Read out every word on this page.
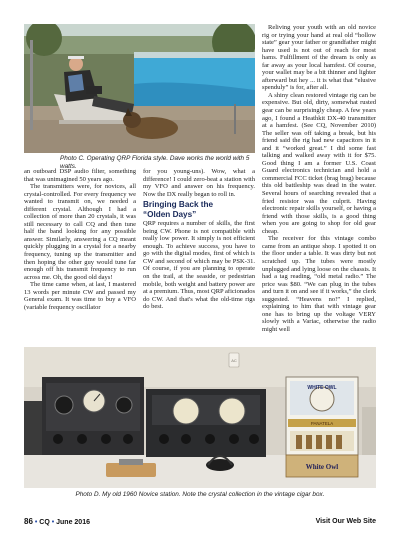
Photo C. Operating QRP Florida style. Dave works the world with 5 watts.

an outboard DSP audio filter, something that was unimagined 50 years ago.

The transmitters were, for novices, all crystal-controlled. For every frequency we wanted to transmit on, we needed a different crystal. Although I had a collection of more than 20 crystals, it was still necessary to call CQ and then tune half the band looking for any possible answer. Similarly, answering a CQ meant quickly plugging in a crystal for a nearby frequency, tuning up the transmitter and then hoping the other guy would tune far enough off his transmit frequency to run across me. Oh, the good old days!

The time came when, at last, I mastered 13 words per minute CW and passed my General exam. It was time to buy a VFO (variable frequency oscillator

for you young-uns). Wow, what a difference! I could zero-beat a station with my VFO and answer on his frequency. Now the DX really began to roll in.

Bringing Back the
“Olden Days”

QRP requires a number of skills, the first being CW. Phone is not compatible with really low power. It simply is not efficient enough. To achieve success, you have to go with the digital modes, first of which is CW and second of which may be PSK-31. Of course, if you are planning to operate on the trail, at the seaside, or pedestrian mobile, both weight and battery power are at a premium. Thus, most QRP aficionados do CW. And that's what the old-time rigs do best.

Reliving your youth with an old novice rig or trying your hand at real old “hollow state” gear your father or grandfather might have used is not out of reach for most hams. Fulfillment of the dream is only as far away as your local hamfest. Of course, your wallet may be a bit thinner and lighter afterward but hey ... it is what that “elusive spenduly” is for, after all.

A shiny clean restored vintage rig can be expensive. But old, dirty, somewhat rusted gear can be surprisingly cheap. A few years ago, I found a Heathkit DX-40 transmitter at a hamfest. (See CQ, November 2010) The seller was off taking a break, but his friend said the rig had new capacitors in it and it “worked great.” I did some fast talking and walked away with it for $75. Good thing I am a former U.S. Coast Guard electronics technician and hold a commercial FCC ticket (brag brag) because this old battleship was dead in the water. Several hours of searching revealed that a fried resistor was the culprit. Having electronic repair skills yourself, or having a friend with those skills, is a good thing when you are going to shop for old gear cheap.

The receiver for this vintage combo came from an antique shop. I spotted it on the floor under a table. It was dirty but not scratched up. The tubes were mostly unplugged and lying loose on the chassis. It had a tag reading, “old metal radio.” The price was $80. “We can plug in the tubes and turn it on and see if it works,” the clerk suggested. “Heavens no!” I replied, explaining to him that with vintage gear one has to bring up the voltage VERY slowly with a Variac, otherwise the radio might well

AC
WHITE OWL
PANATELA
White Owl
Photo D. My old 1960 Novice station. Note the crystal collection in the vintage cigar box.
86 • CQ • June 2016	Visit Our Web Site
